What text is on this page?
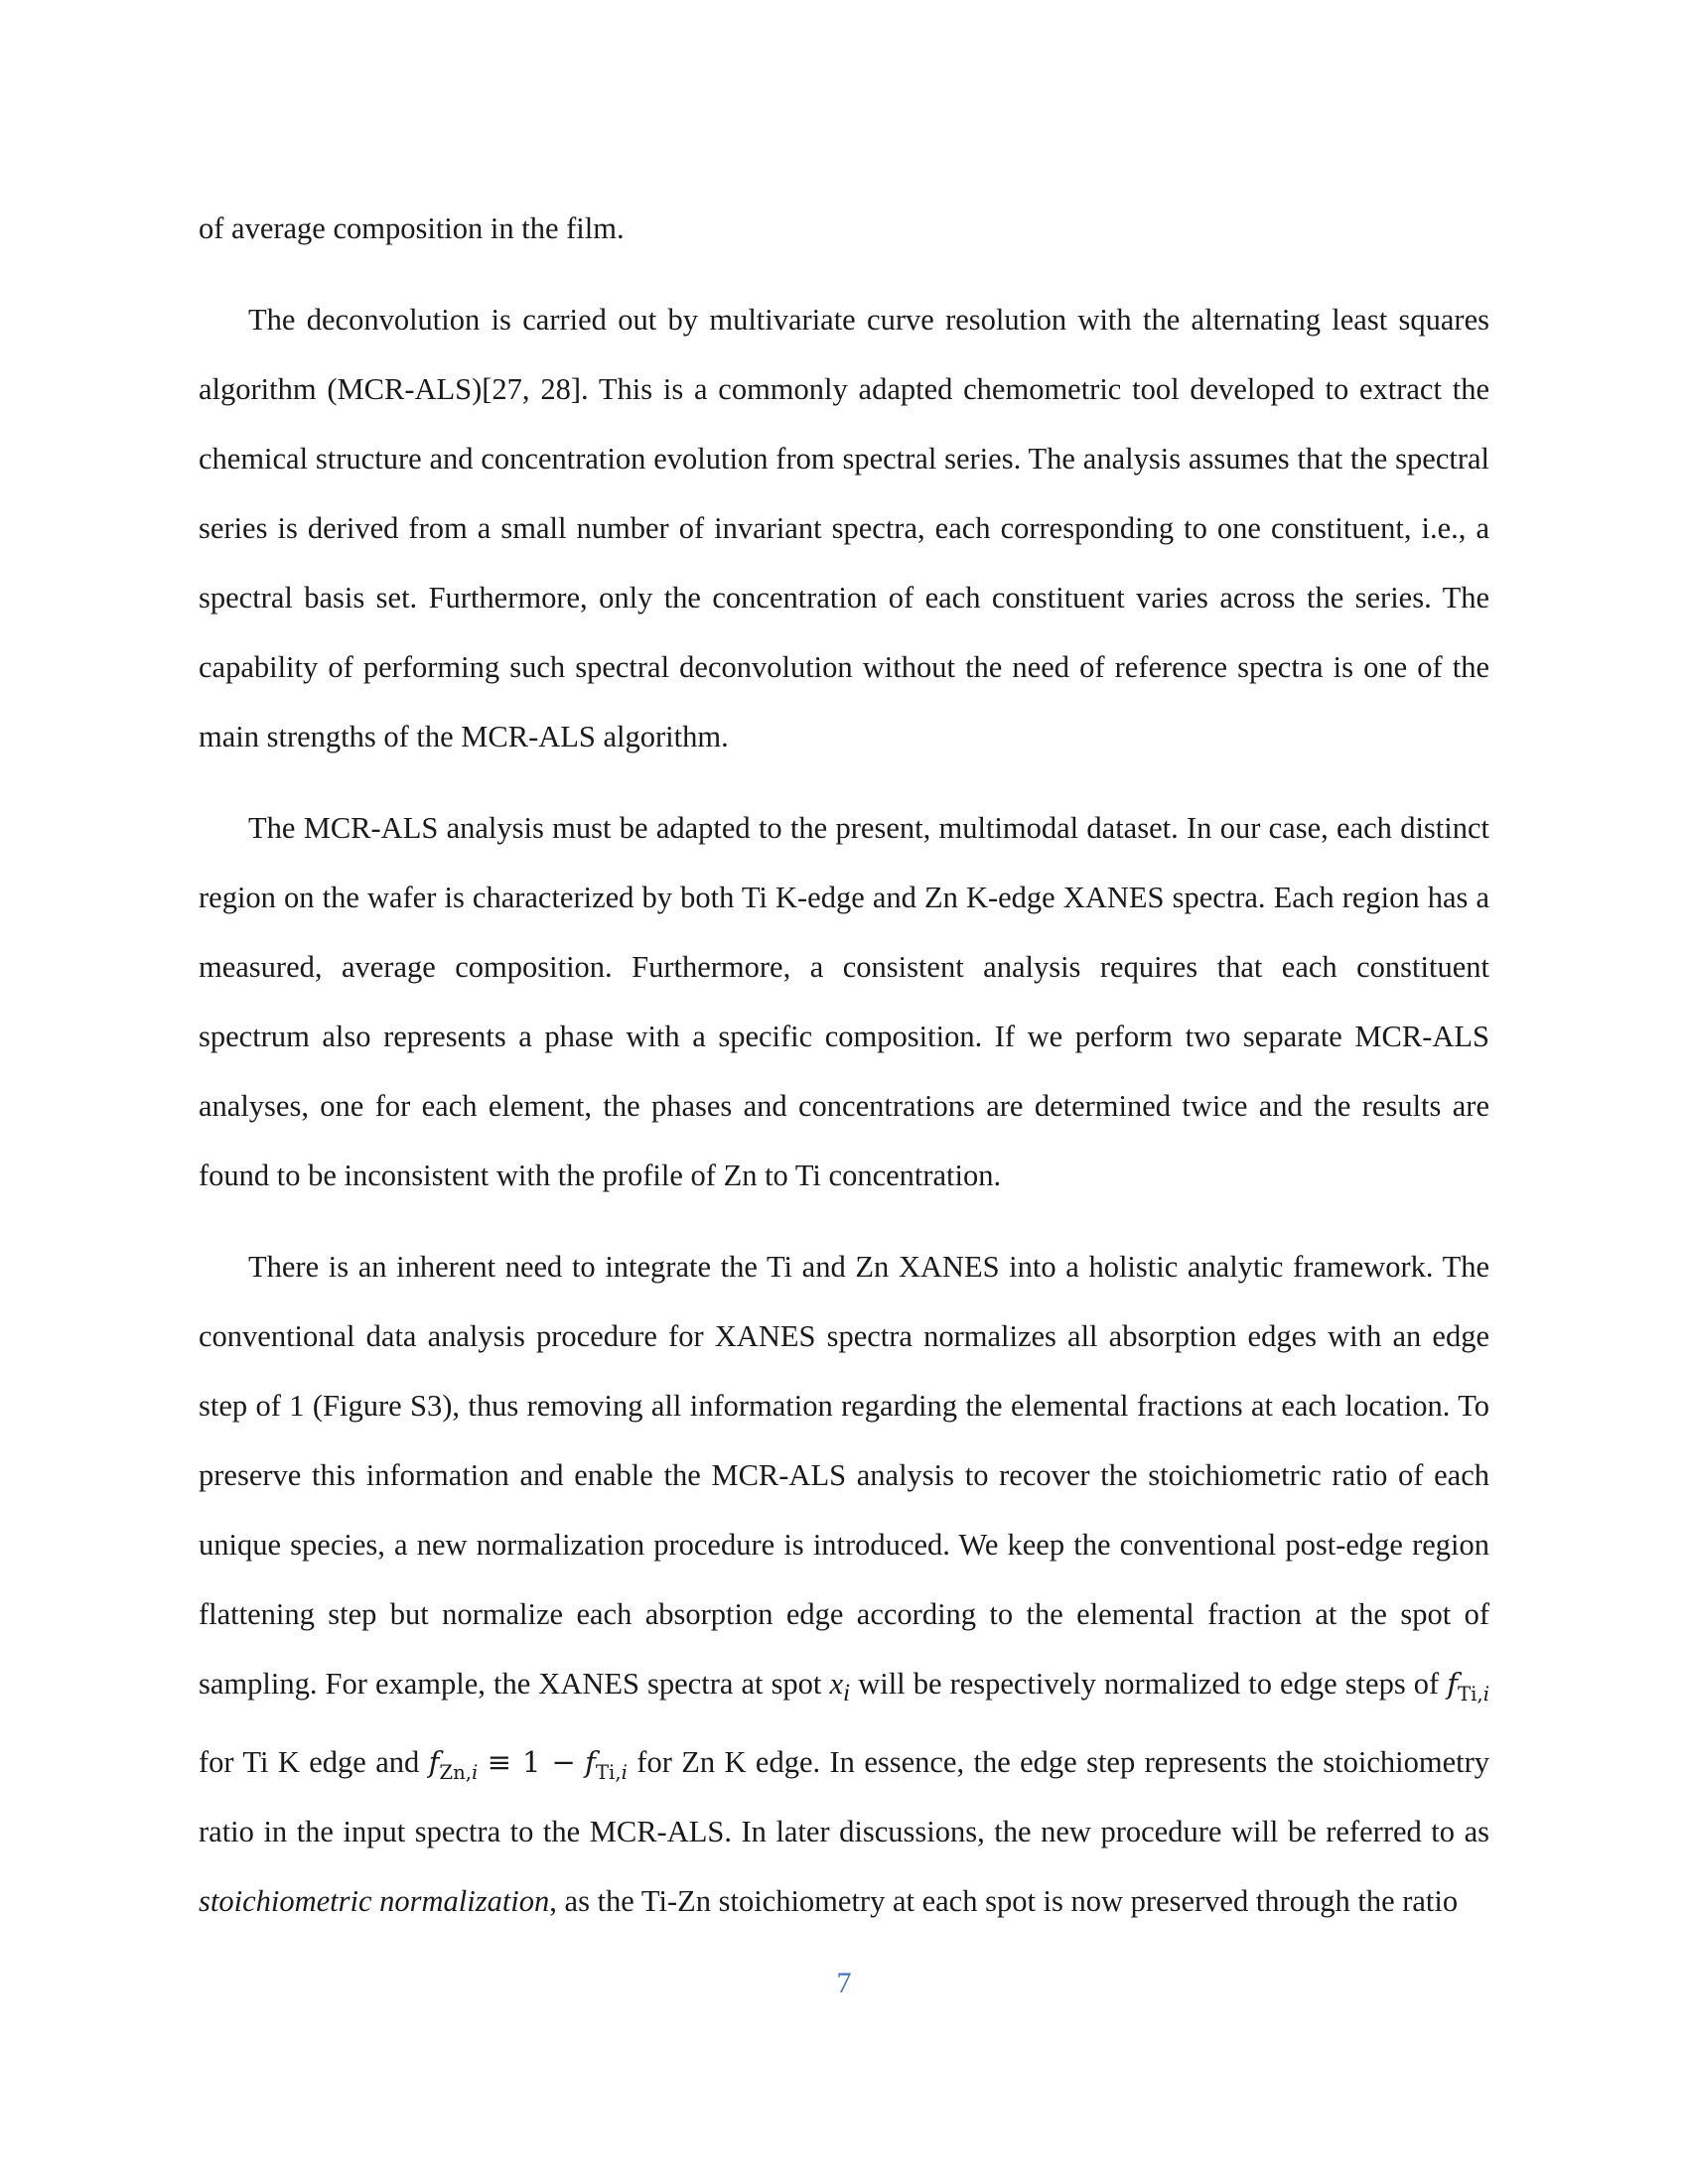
of average composition in the film.

The deconvolution is carried out by multivariate curve resolution with the alternating least squares algorithm (MCR-ALS)[27, 28]. This is a commonly adapted chemometric tool developed to extract the chemical structure and concentration evolution from spectral series. The analysis assumes that the spectral series is derived from a small number of invariant spectra, each corresponding to one constituent, i.e., a spectral basis set. Furthermore, only the concentration of each constituent varies across the series. The capability of performing such spectral deconvolution without the need of reference spectra is one of the main strengths of the MCR-ALS algorithm.

The MCR-ALS analysis must be adapted to the present, multimodal dataset. In our case, each distinct region on the wafer is characterized by both Ti K-edge and Zn K-edge XANES spectra. Each region has a measured, average composition. Furthermore, a consistent analysis requires that each constituent spectrum also represents a phase with a specific composition. If we perform two separate MCR-ALS analyses, one for each element, the phases and concentrations are determined twice and the results are found to be inconsistent with the profile of Zn to Ti concentration.

There is an inherent need to integrate the Ti and Zn XANES into a holistic analytic framework. The conventional data analysis procedure for XANES spectra normalizes all absorption edges with an edge step of 1 (Figure S3), thus removing all information regarding the elemental fractions at each location. To preserve this information and enable the MCR-ALS analysis to recover the stoichiometric ratio of each unique species, a new normalization procedure is introduced. We keep the conventional post-edge region flattening step but normalize each absorption edge according to the elemental fraction at the spot of sampling. For example, the XANES spectra at spot $x_i$ will be respectively normalized to edge steps of $f_{Ti,i}$ for Ti K edge and $f_{Zn,i} \equiv 1 - f_{Ti,i}$ for Zn K edge. In essence, the edge step represents the stoichiometry ratio in the input spectra to the MCR-ALS. In later discussions, the new procedure will be referred to as stoichiometric normalization, as the Ti-Zn stoichiometry at each spot is now preserved through the ratio

7
